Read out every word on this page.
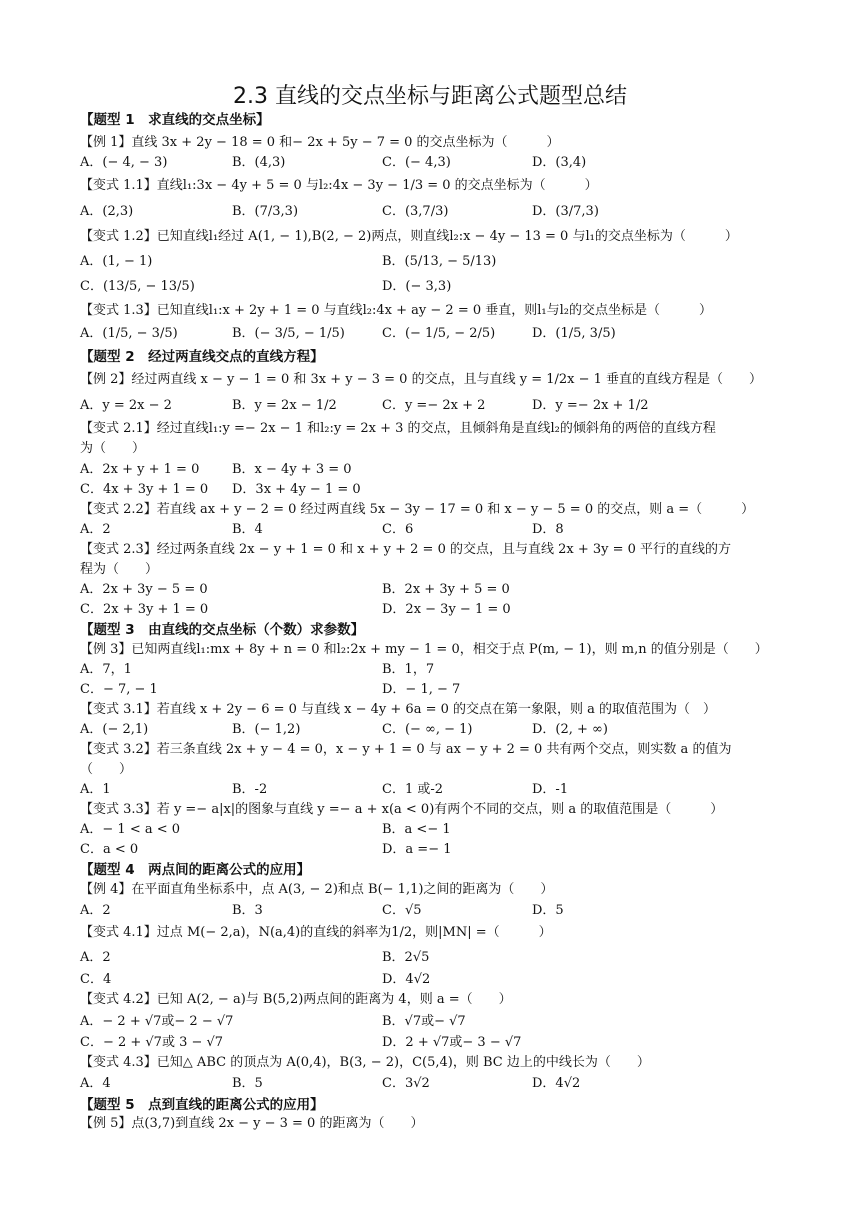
2.3 直线的交点坐标与距离公式题型总结
【题型 1　求直线的交点坐标】
【例 1】直线 3x + 2y − 18 = 0 和− 2x + 5y − 7 = 0 的交点坐标为（　　　）
A．(− 4, − 3)	B．(4,3)	C．(− 4,3)	D．(3,4)
【变式 1.1】直线l₁:3x − 4y + 5 = 0 与l₂:4x − 3y − 1/3 = 0 的交点坐标为（　　　）
A．(2,3)	B．(7/3,3)	C．(3,7/3)	D．(3/7,3)
【变式 1.2】已知直线l₁经过 A(1, − 1),B(2, − 2)两点，则直线l₂:x − 4y − 13 = 0 与l₁的交点坐标为（　　　）
A．(1, − 1)	B．(5/13, − 5/13)
C．(13/5, − 13/5)	D．(− 3,3)
【变式 1.3】已知直线l₁:x + 2y + 1 = 0 与直线l₂:4x + ay − 2 = 0 垂直，则l₁与l₂的交点坐标是（　　　）
A．(1/5, − 3/5)	B．(− 3/5, − 1/5)	C．(− 1/5, − 2/5)	D．(1/5, 3/5)
【题型 2　经过两直线交点的直线方程】
【例 2】经过两直线 x − y − 1 = 0 和 3x + y − 3 = 0 的交点，且与直线 y = 1/2x − 1 垂直的直线方程是（　　）
A．y = 2x − 2	B．y = 2x − 1/2	C．y =− 2x + 2	D．y =− 2x + 1/2
【变式 2.1】经过直线l₁:y =− 2x − 1 和l₂:y = 2x + 3 的交点，且倾斜角是直线l₂的倾斜角的两倍的直线方程
为（　　）
A．2x + y + 1 = 0	B．x − 4y + 3 = 0
C．4x + 3y + 1 = 0 D．3x + 4y − 1 = 0
【变式 2.2】若直线 ax + y − 2 = 0 经过两直线 5x − 3y − 17 = 0 和 x − y − 5 = 0 的交点，则 a =（　　　）
A．2	B．4	C．6	D．8
【变式 2.3】经过两条直线 2x − y + 1 = 0 和 x + y + 2 = 0 的交点，且与直线 2x + 3y = 0 平行的直线的方
程为（　　）
A．2x + 3y − 5 = 0	B．2x + 3y + 5 = 0
C．2x + 3y + 1 = 0	D．2x − 3y − 1 = 0
【题型 3　由直线的交点坐标（个数）求参数】
【例 3】已知两直线l₁:mx + 8y + n = 0 和l₂:2x + my − 1 = 0，相交于点 P(m, − 1)，则 m,n 的值分别是（　　）
A．7，1	B．1，7
C．− 7, − 1	D．− 1, − 7
【变式 3.1】若直线 x + 2y − 6 = 0 与直线 x − 4y + 6a = 0 的交点在第一象限，则 a 的取值范围为（　）
A．(− 2,1)	B．(− 1,2)	C．(− ∞, − 1)	D．(2, + ∞)
【变式 3.2】若三条直线 2x + y − 4 = 0，x − y + 1 = 0 与 ax − y + 2 = 0 共有两个交点，则实数 a 的值为
（　　）
A．1	B．-2	C．1 或-2	D．-1
【变式 3.3】若 y =− a|x|的图象与直线 y =− a + x(a < 0)有两个不同的交点，则 a 的取值范围是（　　　）
A．− 1 < a < 0	B．a <− 1
C．a < 0	D．a =− 1
【题型 4　两点间的距离公式的应用】
【例 4】在平面直角坐标系中，点 A(3, − 2)和点 B(− 1,1)之间的距离为（　　）
A．2	B．3	C．√5	D．5
【变式 4.1】过点 M(− 2,a)，N(a,4)的直线的斜率为1/2，则|MN| =（　　　）
A．2	B．2√5
C．4	D．4√2
【变式 4.2】已知 A(2, − a)与 B(5,2)两点间的距离为 4，则 a =（　　）
A．− 2 + √7或− 2 − √7	B．√7或− √7
C．− 2 + √7或 3 − √7	D．2 + √7或− 3 − √7
【变式 4.3】已知△ ABC 的顶点为 A(0,4)，B(3, − 2)，C(5,4)，则 BC 边上的中线长为（　　）
A．4	B．5	C．3√2	D．4√2
【题型 5　点到直线的距离公式的应用】
【例 5】点(3,7)到直线 2x − y − 3 = 0 的距离为（　　）
